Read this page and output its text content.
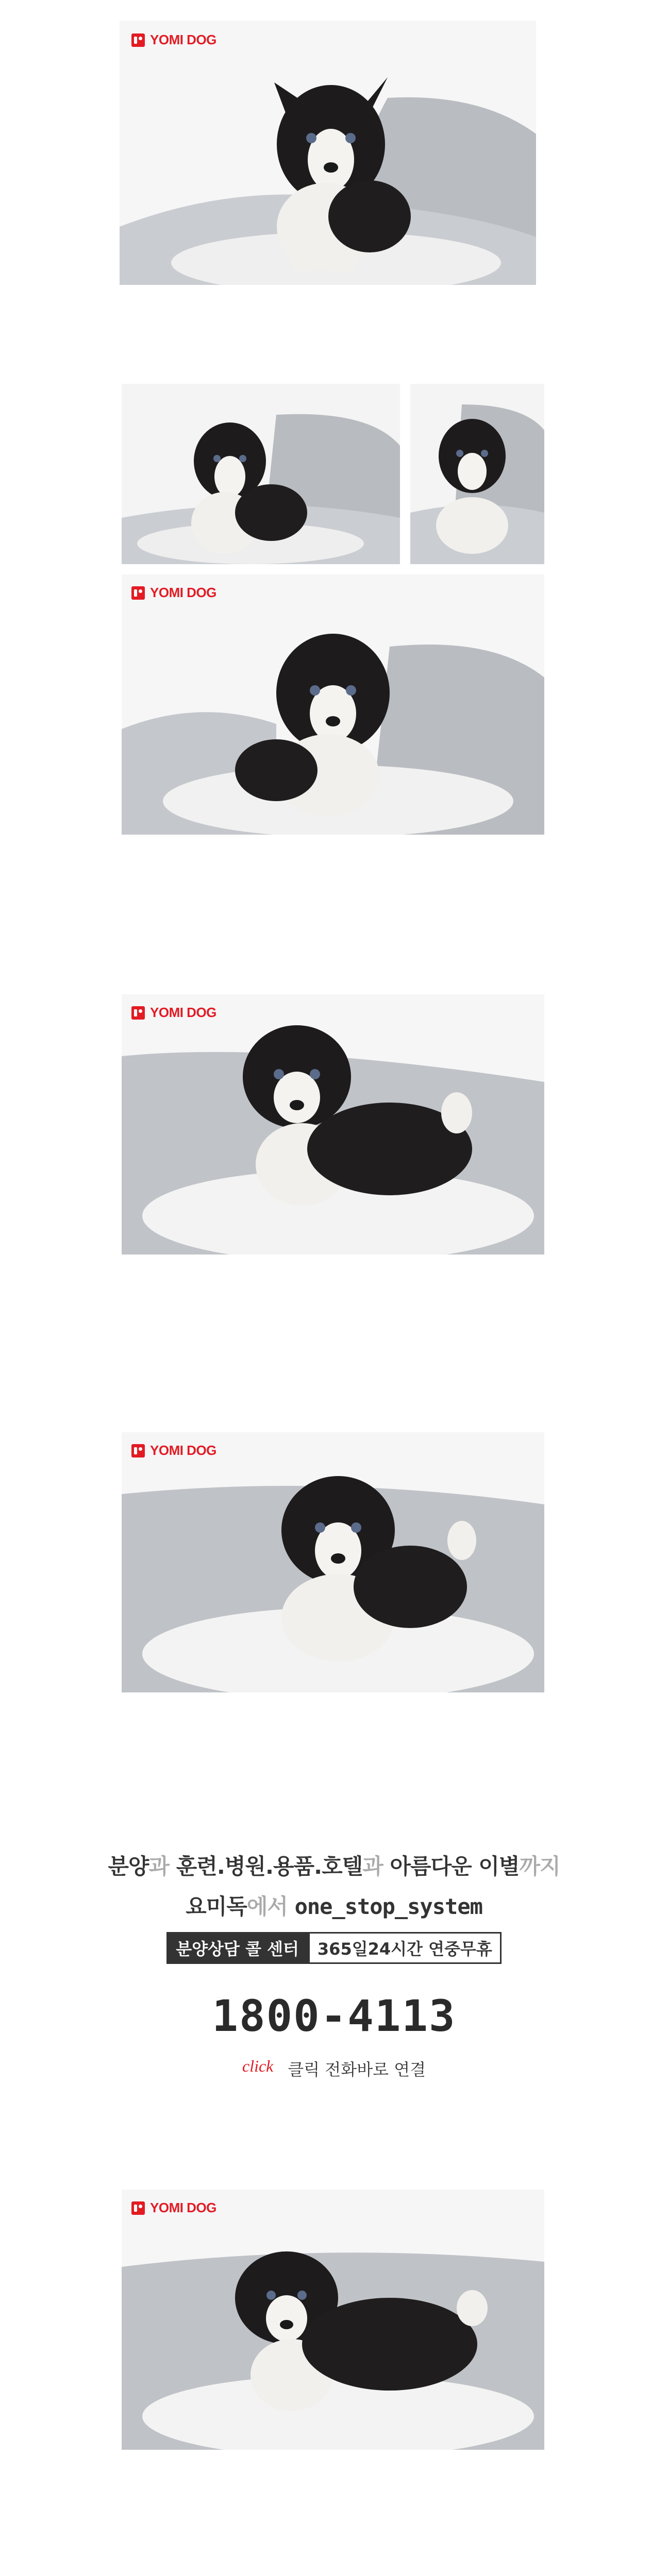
YOMI DOG
YOMI DOG
YOMI DOG
YOMI DOG
분양과 훈련.병원.용품.호텔과 아름다운 이별까지
요미독에서 one_stop_system
분양상담 콜 센터	365일24시간 연중무휴
1800-4113
click 클릭 전화바로 연결
YOMI DOG
